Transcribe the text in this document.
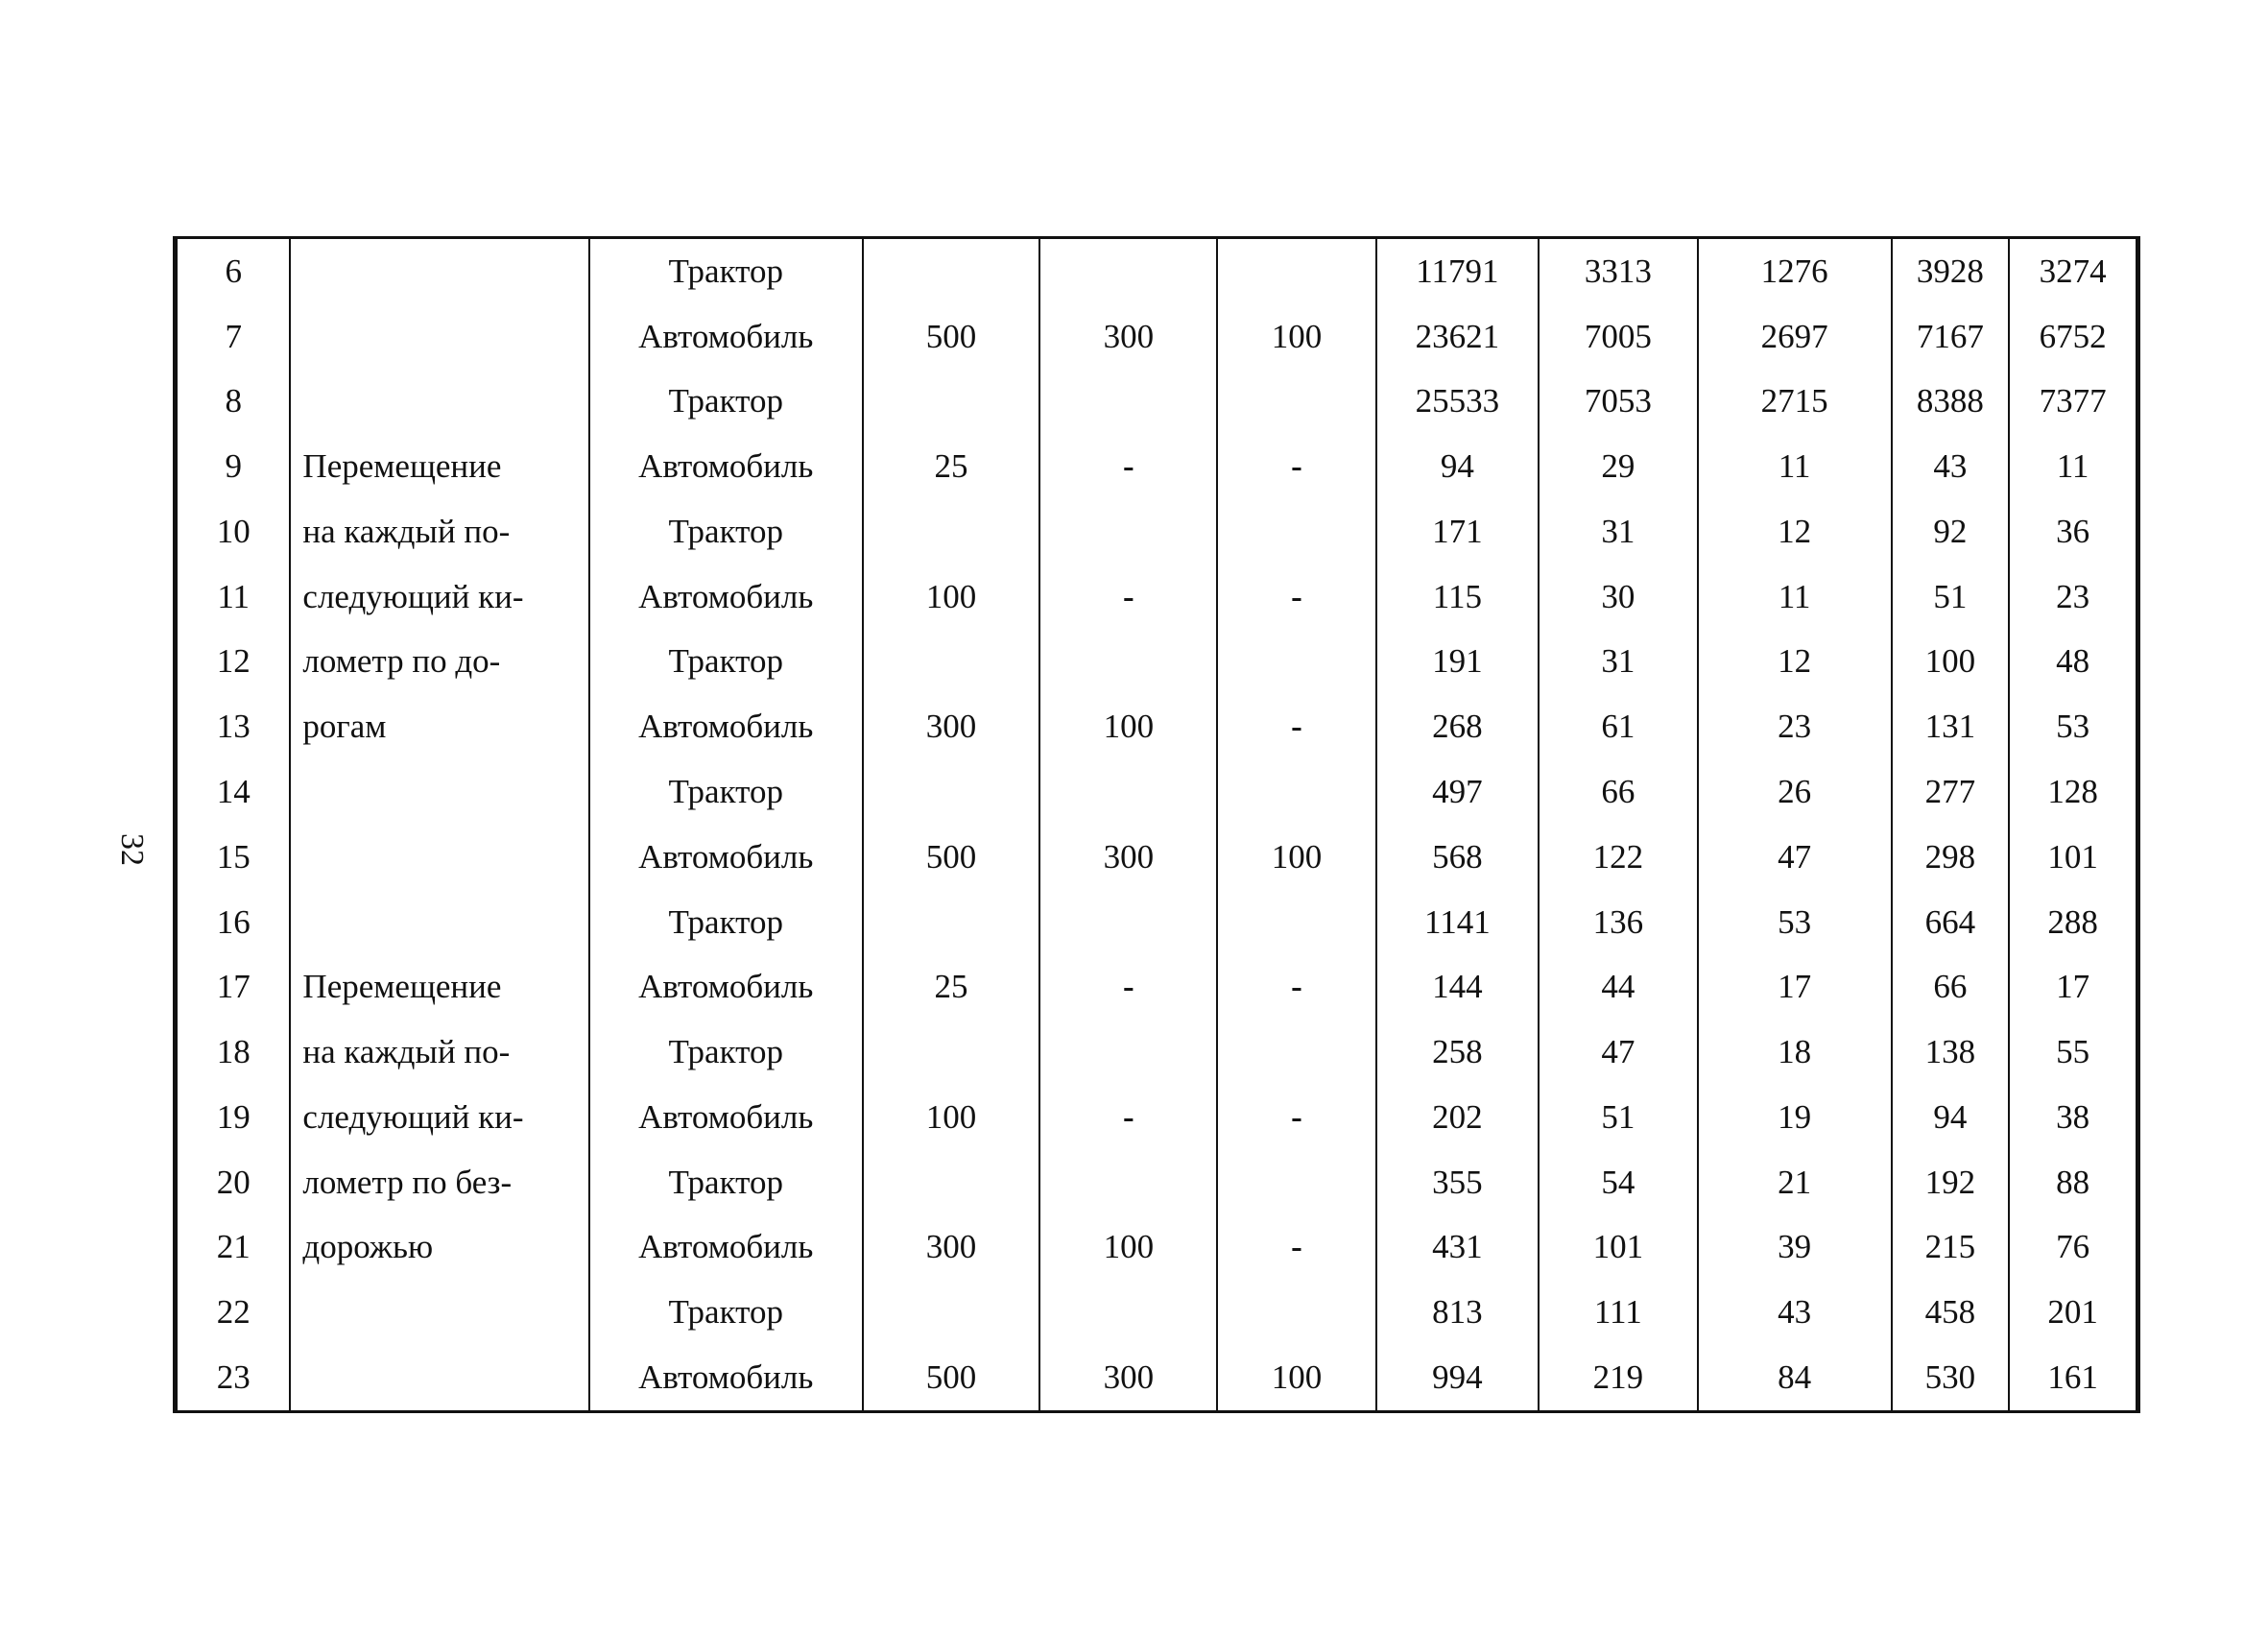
32
6		Трактор				11791	3313	1276	3928	3274
7		Автомобиль	500	300	100	23621	7005	2697	7167	6752
8		Трактор				25533	7053	2715	8388	7377
9	Перемещение	Автомобиль	25	-	-	94	29	11	43	11
10	на каждый по-	Трактор				171	31	12	92	36
11	следующий ки-	Автомобиль	100	-	-	115	30	11	51	23
12	лометр по до-	Трактор				191	31	12	100	48
13	рогам	Автомобиль	300	100	-	268	61	23	131	53
14		Трактор				497	66	26	277	128
15		Автомобиль	500	300	100	568	122	47	298	101
16		Трактор				1141	136	53	664	288
17	Перемещение	Автомобиль	25	-	-	144	44	17	66	17
18	на каждый по-	Трактор				258	47	18	138	55
19	следующий ки-	Автомобиль	100	-	-	202	51	19	94	38
20	лометр по без-	Трактор				355	54	21	192	88
21	дорожью	Автомобиль	300	100	-	431	101	39	215	76
22		Трактор				813	111	43	458	201
23		Автомобиль	500	300	100	994	219	84	530	161
